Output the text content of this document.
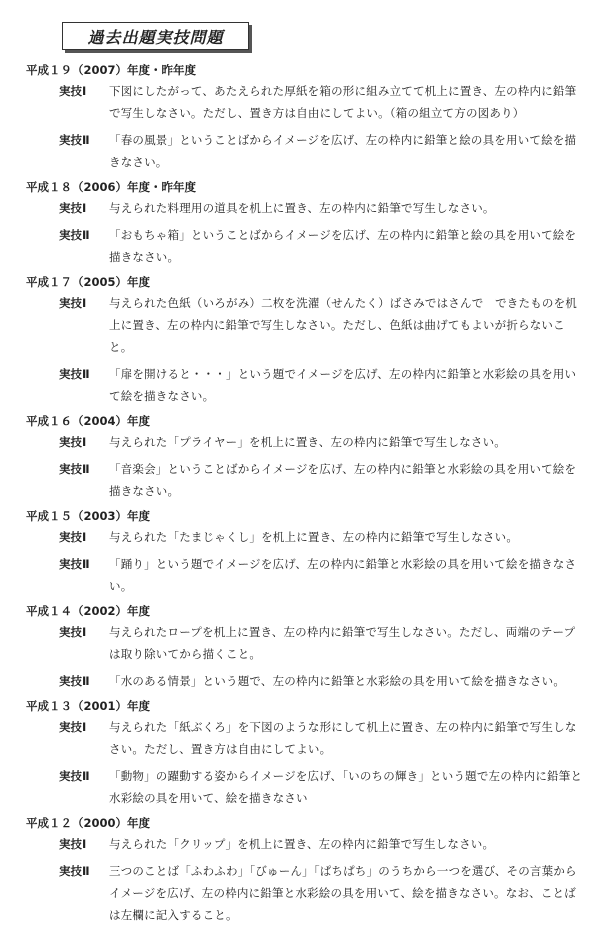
過去出題実技問題
平成１９（2007）年度・昨年度
実技Ⅰ	下図にしたがって、あたえられた厚紙を箱の形に組み立てて机上に置き、左の枠内に鉛筆で写生しなさい。ただし、置き方は自由にしてよい。（箱の組立て方の図あり）
実技Ⅱ	「春の風景」ということばからイメージを広げ、左の枠内に鉛筆と絵の具を用いて絵を描きなさい。
平成１８（2006）年度・昨年度
実技Ⅰ	与えられた料理用の道具を机上に置き、左の枠内に鉛筆で写生しなさい。
実技Ⅱ	「おもちゃ箱」ということばからイメージを広げ、左の枠内に鉛筆と絵の具を用いて絵を描きなさい。
平成１７（2005）年度
実技Ⅰ	与えられた色紙（いろがみ）二枚を洗濯（せんたく）ばさみではさんで　できたものを机上に置き、左の枠内に鉛筆で写生しなさい。ただし、色紙は曲げてもよいが折らないこと。
実技Ⅱ	「扉を開けると・・・」という題でイメージを広げ、左の枠内に鉛筆と水彩絵の具を用いて絵を描きなさい。
平成１６（2004）年度
実技Ⅰ	与えられた「プライヤー」を机上に置き、左の枠内に鉛筆で写生しなさい。
実技Ⅱ	「音楽会」ということばからイメージを広げ、左の枠内に鉛筆と水彩絵の具を用いて絵を描きなさい。
平成１５（2003）年度
実技Ⅰ	与えられた「たまじゃくし」を机上に置き、左の枠内に鉛筆で写生しなさい。
実技Ⅱ	「踊り」という題でイメージを広げ、左の枠内に鉛筆と水彩絵の具を用いて絵を描きなさい。
平成１４（2002）年度
実技Ⅰ	与えられたロープを机上に置き、左の枠内に鉛筆で写生しなさい。ただし、両端のテープは取り除いてから描くこと。
実技Ⅱ	「水のある情景」という題で、左の枠内に鉛筆と水彩絵の具を用いて絵を描きなさい。
平成１３（2001）年度
実技Ⅰ	与えられた「紙ぶくろ」を下図のような形にして机上に置き、左の枠内に鉛筆で写生しなさい。ただし、置き方は自由にしてよい。
実技Ⅱ	「動物」の躍動する姿からイメージを広げ、「いのちの輝き」という題で左の枠内に鉛筆と水彩絵の具を用いて、絵を描きなさい
平成１２（2000）年度
実技Ⅰ	与えられた「クリップ」を机上に置き、左の枠内に鉛筆で写生しなさい。
実技Ⅱ	三つのことば「ふわふわ」「びゅーん」「ぱちぱち」のうちから一つを選び、その言葉からイメージを広げ、左の枠内に鉛筆と水彩絵の具を用いて、絵を描きなさい。なお、ことばは左欄に記入すること。
